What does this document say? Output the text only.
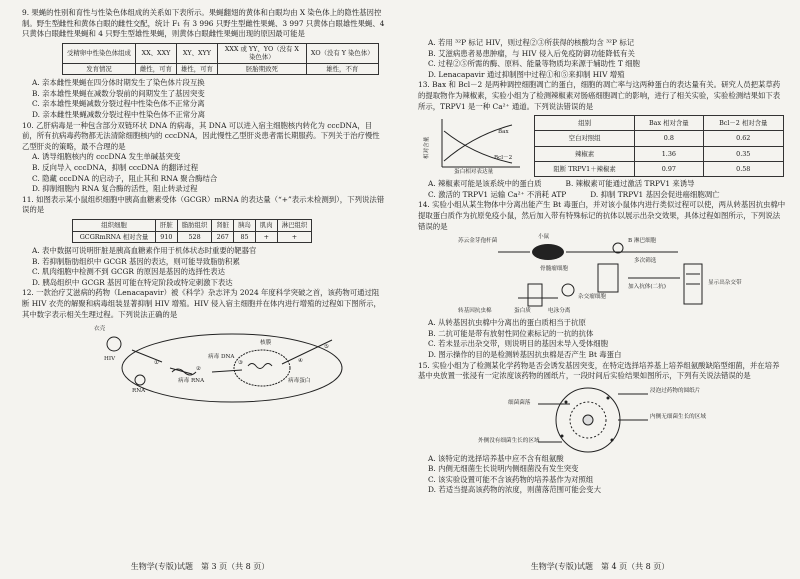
9. 果蝇的性别和育性与性染色体组成的关系如下表所示。果蝇翻翅的黄体和白眼均由 X 染色体上的隐性基因控制。野生型雌性和黄体白眼的雌性交配，统计 F₁ 有 3 996 只野生型雌性果蝇、3 997 只黄体白眼雄性果蝇、4 只黄体白眼雌性果蝇和 4 只野生型雄性果蝇，则黄体白眼雌性果蝇出现的原因最可能是

受精卵中性染色体组成	XX、XXY	XY、XYY	XXX 或 YY、YO（没有 X 染色体）	XO（没有 Y 染色体）
发育情况	雌性，可育	雄性，可育	胚胎期致死	雄性，不育

A. 亲本雌性果蝇在四分体时期发生了染色体片段互换

B. 亲本雄性果蝇在减数分裂前的间期发生了基因突变

C. 亲本雄性果蝇减数分裂过程中性染色体不正常分离

D. 亲本雌性果蝇减数分裂过程中性染色体不正常分离

10. 乙肝病毒是一种包含部分双链环状 DNA 的病毒，其 DNA 可以进入宿主细胞核内转化为 cccDNA，目前，所有抗病毒药物都无法清除细胞核内的 cccDNA，因此慢性乙型肝炎患者需长期服药。下列关于治疗慢性乙型肝炎的策略，最不合理的是

A. 诱导细胞核内的 cccDNA 发生单碱基突变

B. 反向导入 cccDNA，抑制 cccDNA 的翻译过程

C. 隐藏 cccDNA 的启动子，阻止其和 RNA 聚合酶结合

D. 抑制细胞内 RNA 复合酶的活性，阻止转录过程

11. 如图表示某小鼠组织细胞中胰高血糖素受体（GCGR）mRNA 的表达量（“+”表示未检测到），下列说法错误的是

组织细胞	肝脏	脂肪组织	肾脏	胰岛	肌肉	淋巴组织
GCGRmRNA 相对含量	910	528	267	85	+	+

A. 表中数据可说明肝脏是胰高血糖素作用于机体状态时重要的靶器官

B. 若抑制脂肪组织中 GCGR 基因的表达，则可能导致脂肪积累

C. 肌肉细胞中检测不到 GCGR 的原因是基因的选择性表达

D. 胰岛组织中 GCGR 基因可能在特定阶段或特定刺激下表达

12. 一款治疗艾滋病的药物（Lenacapavir）被《科学》杂志评为 2024 年度科学突破之首，该药物可通过阻断 HIV 衣壳的解聚和病毒组装显著抑制 HIV 增殖。HIV 侵入宿主细胞并在体内进行增殖的过程如下图所示，其中数字表示相关生理过程。下列说法正确的是

衣壳
HIV
RNA
病毒 RNA
病毒 DNA
核膜
病毒蛋白
①
②
③	④
⑤
生物学(专版)试题　第 3 页（共 8 页）

A. 若用 ³²P 标记 HIV，则过程②③所获得的核酸均含 ³²P 标记

B. 艾滋病患者易患肿瘤，与 HIV 侵入后免疫防御功能降低有关

C. 过程②⑤所需的酶、原料、能量等物质均来源于辅助性 T 细胞

D. Lenacapavir 通过抑制图中过程①和⑤来抑制 HIV 增殖

13. Bax 和 Bcl－2 是两种调控细胞凋亡的蛋白，细胞的凋亡率与这两种蛋白的表达量有关。研究人员把某草药的提取物作为辣椒素，实验小组为了检测辣椒素对肠癌细胞凋亡的影响，进行了相关实验，实验检测结果如下表所示，TRPV1 是一种 Ca²⁺ 通道。下列说法错误的是

相对含量
蛋白相对表达量
Bax
Bcl－2
组别	Bax 相对含量	Bcl－2 相对含量
空白对照组	0.8	0.62
辣椒素	1.36	0.35
阻断 TRPV1＋辣椒素	0.97	0.58
A. 辣椒素可能是该系统中的蛋白质	B. 辣椒素可能通过激活 TRPV1 来诱导
C. 激活的 TRPV1 运输 Ca²⁺ 不消耗 ATP	D. 抑制 TRPV1 基因会促进癌细胞凋亡

14. 实验小组从某生物体中分离出能产生 Bt 毒蛋白，并对该小鼠体内进行类似过程可以使，两从转基因抗虫棉中提取蛋白质作为抗原免疫小鼠，然后加入带有特殊标记的抗体以展示出杂交效果，具体过程如图所示，下列说法错误的是

苏云金芽孢杆菌
小鼠
B 淋巴细胞
多次筛选
骨髓瘤细胞
杂交瘤细胞
加入抗体(二抗)
显示出杂交带
转基因抗虫棉	蛋白质	电泳分离

A. 从转基因抗虫棉中分离出的蛋白质相当于抗原

B. 二抗可能是带有放射性同位素标记的一抗的抗体

C. 若未显示出杂交带，则说明目的基因未导入受体细胞

D. 图示操作的目的是检测转基因抗虫棉是否产生 Bt 毒蛋白

15. 实验小组为了检测某化学药物是否会诱发基因突变，在特定选择培养基上培养组氨酸缺陷型细菌，并在培养基中央放置一张浸有一定浓度该药物的圆纸片，一段时间后实验结果如图所示，下列有关说法错误的是

细菌菌落
浸泡过药物的圆纸片
内侧无细菌生长的区域
外侧没有细菌生长的区域

A. 该特定的选择培养基中应不含有组氨酸

B. 内侧无细菌生长说明内侧细菌没有发生突变

C. 该实验设置可能不含该药物的培养基作为对照组

D. 若适当提高该药物的浓度，则菌落范围可能会变大

生物学(专版)试题　第 4 页（共 8 页）
